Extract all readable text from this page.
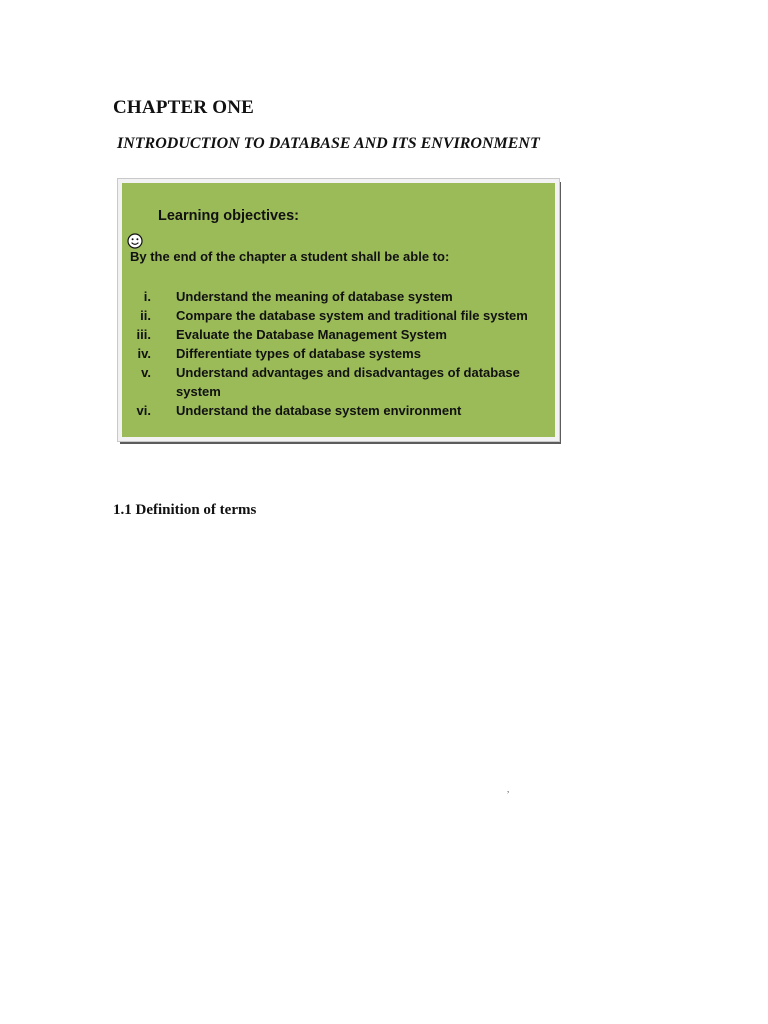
CHAPTER ONE
INTRODUCTION TO DATABASE AND ITS ENVIRONMENT

Learning objectives:

By the end of the chapter a student shall be able to:

i. Understand the meaning of database system
ii. Compare the database system and traditional file system
iii. Evaluate the Database Management System
iv. Differentiate types of database systems
v. Understand advantages and disadvantages of database system
vi. Understand the database system environment
1.1 Definition of terms
,
